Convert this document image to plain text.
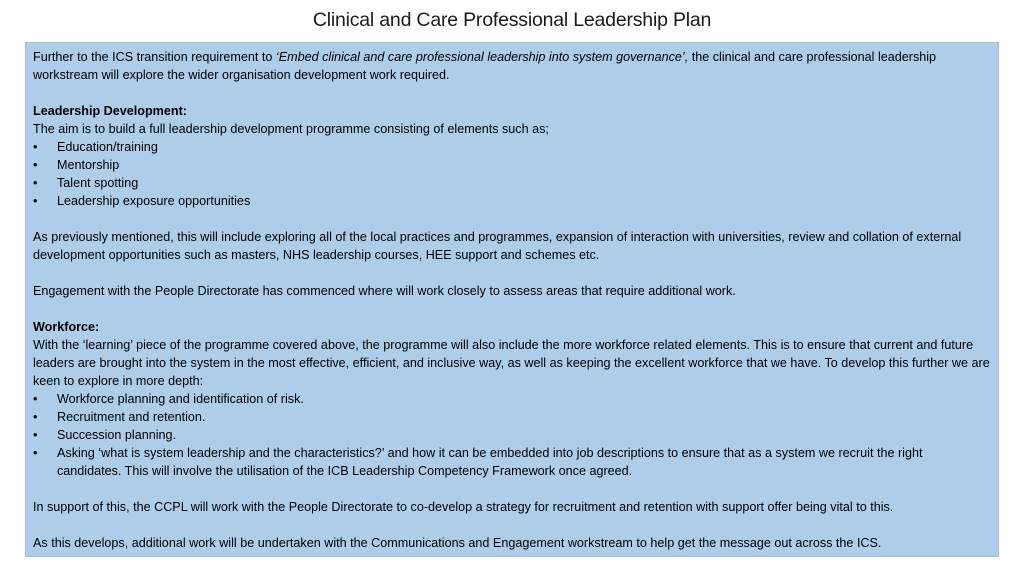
Clinical and Care Professional Leadership Plan

Further to the ICS transition requirement to ‘Embed clinical and care professional leadership into system governance’, the clinical and care professional leadership workstream will explore the wider organisation development work required.

Leadership Development:

The aim is to build a full leadership development programme consisting of elements such as;

•	Education/training
•	Mentorship
•	Talent spotting
•	Leadership exposure opportunities

As previously mentioned, this will include exploring all of the local practices and programmes, expansion of interaction with universities, review and collation of external development opportunities such as masters, NHS leadership courses, HEE support and schemes etc.

Engagement with the People Directorate has commenced where will work closely to assess areas that require additional work.

Workforce:

With the ‘learning’ piece of the programme covered above, the programme will also include the more workforce related elements. This is to ensure that current and future leaders are brought into the system in the most effective, efficient, and inclusive way, as well as keeping the excellent workforce that we have. To develop this further we are keen to explore in more depth:

•	Workforce planning and identification of risk.
•	Recruitment and retention.
•	Succession planning.
•	Asking ‘what is system leadership and the characteristics?’ and how it can be embedded into job descriptions to ensure that as a system we recruit the right candidates. This will involve the utilisation of the ICB Leadership Competency Framework once agreed.

In support of this, the CCPL will work with the People Directorate to co-develop a strategy for recruitment and retention with support offer being vital to this.

As this develops, additional work will be undertaken with the Communications and Engagement workstream to help get the message out across the ICS.
